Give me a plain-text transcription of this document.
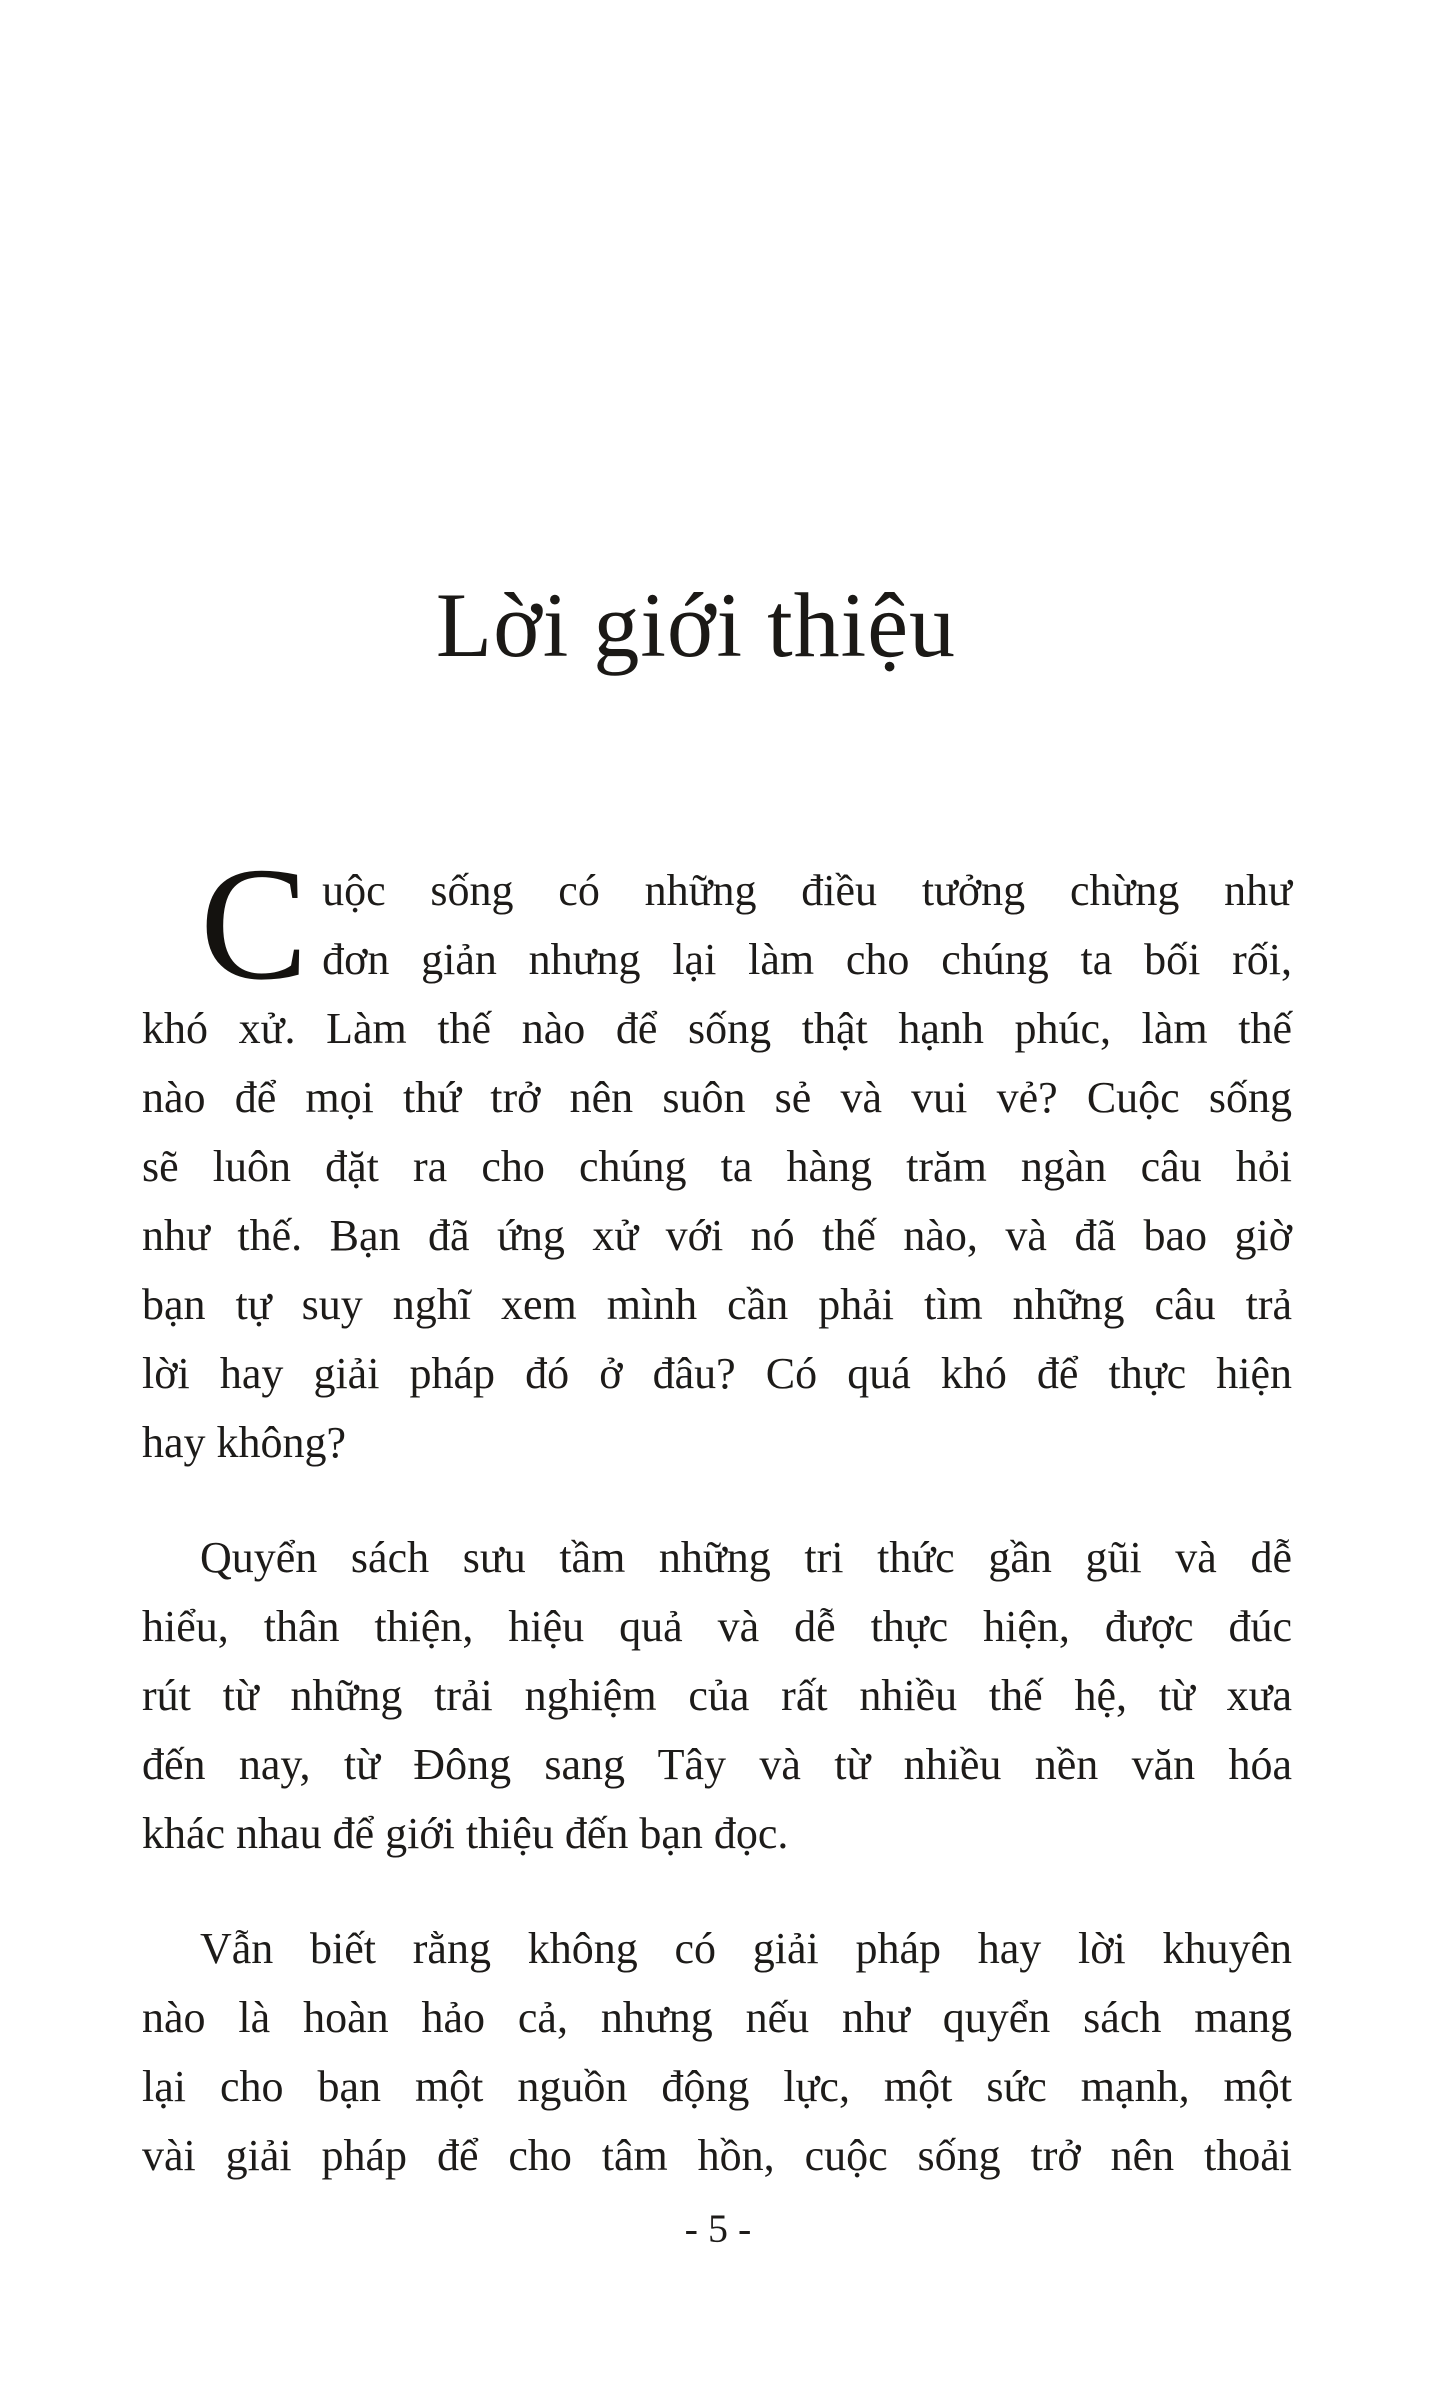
Lời giới thiệu
C uộc sống có những điều tưởng chừng như
đơn giản nhưng lại làm cho chúng ta bối rối,
khó xử. Làm thế nào để sống thật hạnh phúc, làm thế
nào để mọi thứ trở nên suôn sẻ và vui vẻ? Cuộc sống
sẽ luôn đặt ra cho chúng ta hàng trăm ngàn câu hỏi
như thế. Bạn đã ứng xử với nó thế nào, và đã bao giờ
bạn tự suy nghĩ xem mình cần phải tìm những câu trả
lời hay giải pháp đó ở đâu? Có quá khó để thực hiện
hay không?
Quyển sách sưu tầm những tri thức gần gũi và dễ
hiểu, thân thiện, hiệu quả và dễ thực hiện, được đúc
rút từ những trải nghiệm của rất nhiều thế hệ, từ xưa
đến nay, từ Đông sang Tây và từ nhiều nền văn hóa
khác nhau để giới thiệu đến bạn đọc.
Vẫn biết rằng không có giải pháp hay lời khuyên
nào là hoàn hảo cả, nhưng nếu như quyển sách mang
lại cho bạn một nguồn động lực, một sức mạnh, một
vài giải pháp để cho tâm hồn, cuộc sống trở nên thoải
- 5 -
